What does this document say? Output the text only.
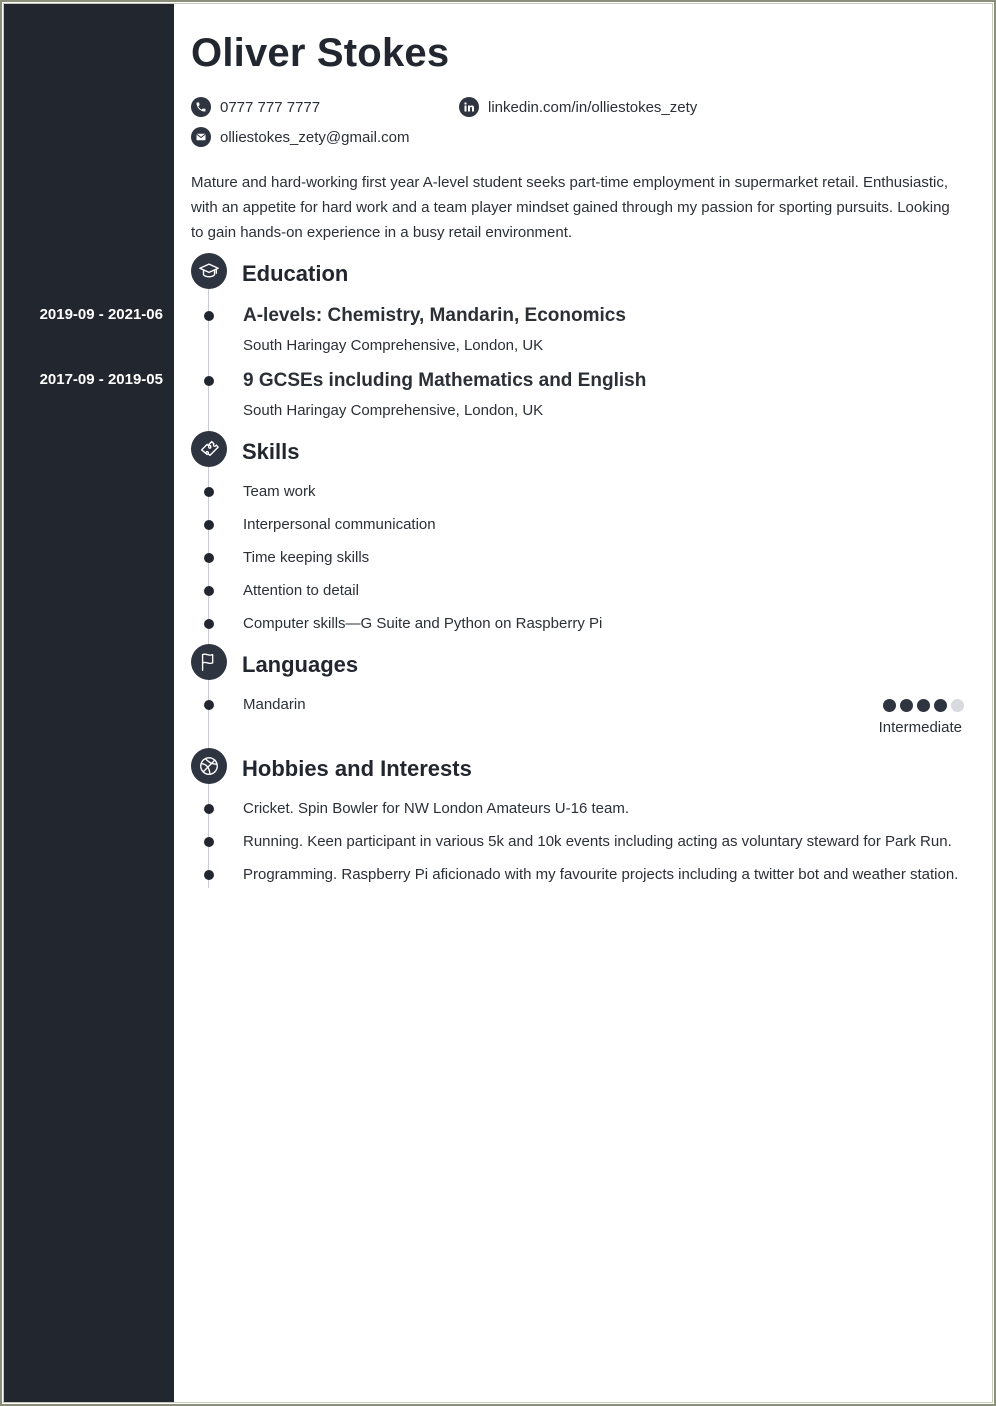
Oliver Stokes
0777 777 7777	linkedin.com/in/olliestokes_zety
olliestokes_zety@gmail.com
Mature and hard-working first year A-level student seeks part-time employment in supermarket retail. Enthusiastic, with an appetite for hard work and a team player mindset gained through my passion for sporting pursuits. Looking to gain hands-on experience in a busy retail environment.
Education
2019-09 - 2021-06	A-levels: Chemistry, Mandarin, Economics
South Haringay Comprehensive, London, UK
2017-09 - 2019-05	9 GCSEs including Mathematics and English
South Haringay Comprehensive, London, UK
Skills
Team work
Interpersonal communication
Time keeping skills
Attention to detail
Computer skills—G Suite and Python on Raspberry Pi
Languages
Mandarin
Intermediate
Hobbies and Interests
Cricket. Spin Bowler for NW London Amateurs U-16 team.
Running. Keen participant in various 5k and 10k events including acting as voluntary steward for Park Run.
Programming. Raspberry Pi aficionado with my favourite projects including a twitter bot and weather station.
